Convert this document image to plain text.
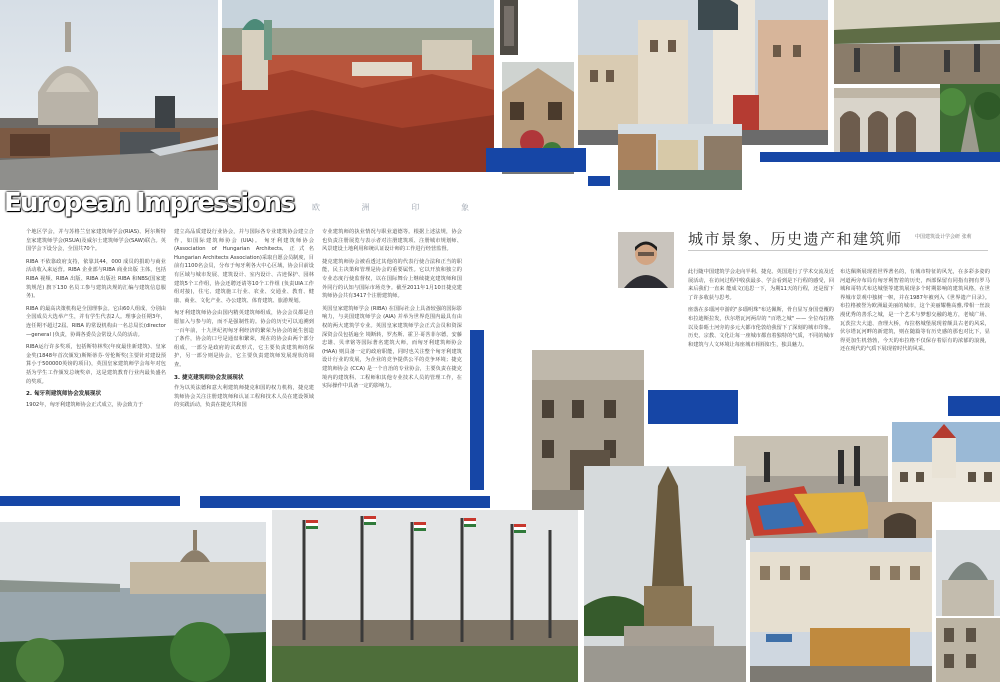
European Impressions	欧	洲	印	象

个地区学会，并与苏格兰皇家建筑师学会(RIAS)、阿尔斯特皇家建筑师学会(RSUA)及威尔士建筑师学会(SAW)联合。英国学会下设分会，全国共70个。

RIBA 不依靠政府支持，依靠其44，000 成员的捐助与商业活动收入来运营。RIBA 企业部与RIBA 商业出版 主体，包括 RIBA 视频、RIBA 出版、RIBA 出版社 RIBA 和NBS(国家建筑规范) 旗下130 名员工参与建筑决规的汇编与建筑信息服务)。

RIBA 的最高决策机构是全国理事会。它由60人组成，分别由全国成员大选举产生，并有学生代表2人。理事会任期3年，连任期不超过2届。RIBA 的常设机构由一名总局长(director—general )负责，协调各委员会常设人员的活动。

RIBA运行许多奖项，包括斯特林奖(年度最佳新建筑)、皇家金奖(1848年首次颁发)斯斯蒂芬·劳伦斯奖(主要针对建设预算小于500000英镑的项目)，英国皇家建筑师学会每年对包括为学生工作颁发总统奖章，这是建筑教育行业内最负盛名的奖项。

2. 匈牙利建筑师协会发展现状

1902年，匈牙利建筑师协会正式成立，协会致力于

建立高品质建设行业协会，并与国际各专业建筑协会建立合作，如国际建筑师协会 (UIA)。 匈牙利建筑师协会(Association of Hungarian Architects, 正式名 Hungarian Architects Association)采取自愿会员制度，目前有1100名会员，分布于匈牙利各大中心区域，协会目前设有区域与城市发展、建筑设计、室内设计、古迹保护、园林建筑5个工作组，协会还聘还请等10个工作组 (负责UIA工作组对接)，住宅、建筑施工行业、农业、交通业、教育、健康、商业、文化产业、办公建筑、体育建筑、旅游规划。

匈牙利建筑师协会由国内精英建筑师组成，协会会员都是自愿加入与参与的，而不是强制性的。协会的历史可以追溯到一百年前，十九世纪初匈牙利经济的繁荣为协会的诞生创造了条件，协会的口号是通盘和繁荣，现在的协会由两个部分组成，一部分是政府的议政形式，它主要负责建筑师的保护，另一部分则是协会，它主要负责建筑师发展现状的调查。

3. 捷克建筑师协会发展现状

作为以英法德和意大利建筑师捷克和国的权力机构，捷克建筑师协会关注注册建筑师和认证工程和技术人员在建设领域的实践活动，负责在捷克共和国

专业建筑师的执业情况与职业道德等。根据上述法规，协会也负责注册展览与表示者对注册建筑项、注册城市规划师、风景建设土地利用和统认证设计师的工作进行经营监督。

捷克建筑师协会被看透过其他的的代表行使合法和正当的职能，民主决策和管理是协会的重要属性。它以开放和独立的专业态度行使监督权，以在国际舞台上继续捷克建筑师和国外同行的认知与国际市场竞争。截至2011年1月10日捷克建筑师协会共有3417个注册建筑师。

英国皇家建筑师学会 (RIBA) 在国际社会上具备较强的国际影响力，与美国建筑师学会 (AIA) 并举为世界范围内最具有由权的两大建筑学专业。英国皇家建筑师学会正式会员和资深深资会员包括遍全 境断转，罗杰斯、霍卫·哥菩菲尔德，安藤忠雄、贝聿铭等国际著名建筑大师，而匈牙利建筑师协会 (HAA) 则具备一定的政府职能，同时也关注整个匈牙利建筑设计行业的发展，为企业的竞争提供公平的竞争环境；捷克建筑师协会 (CCA) 是一个自治的专业协会，主要负责在捷克境内的建筑科、工程师和其他专业技术人员的管理工作，在实际操作中具备一定的影响力。

城市景象、历史遗产和建筑师 中国建筑设计学会研 张莉

此行随中国建筑学会走向半利、捷克、英国进行了学术交流及近展活动，在访问过程中收获最多、学会看到是下行程的感受，回来后我们一直来 能成文(追思一下，为期11天的行程，还是留下了许多收获与思考。

座落在多瑙河中游的"多瑙明珠"布达佩斯，骨自显写身国壹覆的布拉迪斯拉发，伏尔塔瓦河两岸的 "百塔之城" —— 全位布拉格以及泰晤士河旁的多元大都市伦敦给我留下了深刻的城市印象。历史、宗教、文化让每一座城市都直着独特的气质，不同的城市和建筑与人文环境让每座城市相相如生，独具魅力。

布达佩斯展现着世界著名的，有城市特征的风光，在多彩多姿的河道两旁布局有匈牙利智着的历史，西部保留有同指有拥有罗马城和哥特式布达城堡等建筑展现多个时期影响的建筑风格，在世界城市景观中独树一帜，并在1987年被列入《世界遗产目录》。布拉格被誉为欧洲最美丽的城市，这个美丽耀樵高雅,带相一丝浪漫优秀的善乐之城，是一个艺术与梦想交融的地方，老城广场、瓦茨拉夫大道、查理大桥，布拉格城堡展现着颇具古老的风采，伏尔塔瓦河畔的新建筑，则在随篇等有历史感的那也对比下，显得更加生机勃勃，今天的布拉格不仅保存着原有的浓郁的浪漫，还在现代的气质下展现着时代的风采。
